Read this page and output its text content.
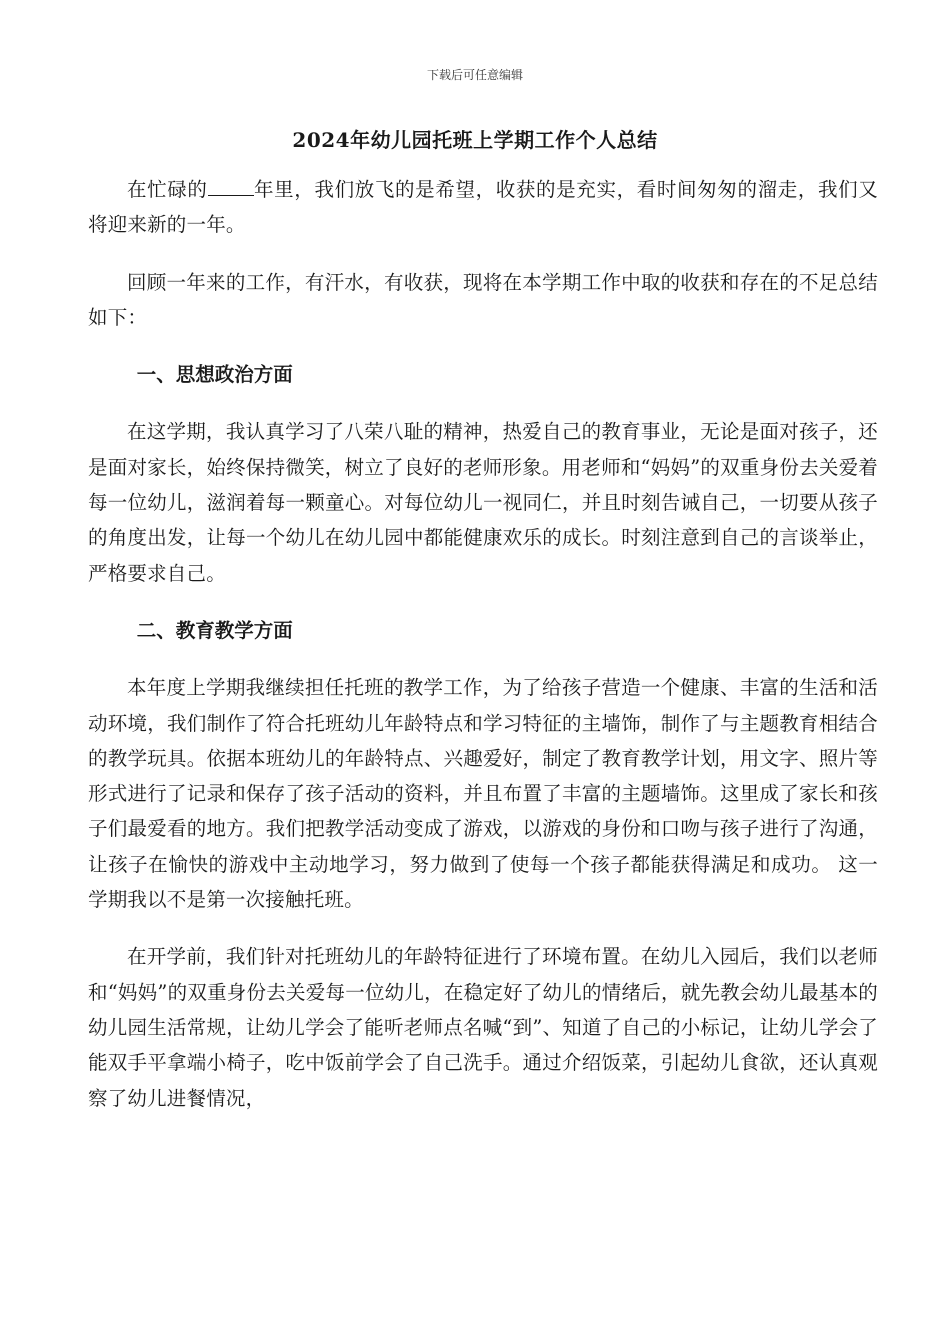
下载后可任意编辑
2024年幼儿园托班上学期工作个人总结

在忙碌的 年里，我们放飞的是希望，收获的是充实，看时间匆匆的溜走，我们又将迎来新的一年。

回顾一年来的工作，有汗水，有收获，现将在本学期工作中取的收获和存在的不足总结如下：

一、思想政治方面

在这学期，我认真学习了八荣八耻的精神，热爱自己的教育事业，无论是面对孩子，还是面对家长，始终保持微笑，树立了良好的老师形象。用老师和“妈妈”的双重身份去关爱着每一位幼儿，滋润着每一颗童心。对每位幼儿一视同仁，并且时刻告诫自己，一切要从孩子的角度出发，让每一个幼儿在幼儿园中都能健康欢乐的成长。时刻注意到自己的言谈举止，严格要求自己。

二、教育教学方面

本年度上学期我继续担任托班的教学工作，为了给孩子营造一个健康、丰富的生活和活动环境，我们制作了符合托班幼儿年龄特点和学习特征的主墙饰，制作了与主题教育相结合的教学玩具。依据本班幼儿的年龄特点、兴趣爱好，制定了教育教学计划，用文字、照片等形式进行了记录和保存了孩子活动的资料，并且布置了丰富的主题墙饰。这里成了家长和孩子们最爱看的地方。我们把教学活动变成了游戏，以游戏的身份和口吻与孩子进行了沟通，让孩子在愉快的游戏中主动地学习，努力做到了使每一个孩子都能获得满足和成功。 这一学期我以不是第一次接触托班。

在开学前，我们针对托班幼儿的年龄特征进行了环境布置。在幼儿入园后，我们以老师和“妈妈”的双重身份去关爱每一位幼儿，在稳定好了幼儿的情绪后，就先教会幼儿最基本的幼儿园生活常规，让幼儿学会了能听老师点名喊“到”、知道了自己的小标记，让幼儿学会了能双手平拿端小椅子，吃中饭前学会了自己洗手。通过介绍饭菜，引起幼儿食欲，还认真观察了幼儿进餐情况，
